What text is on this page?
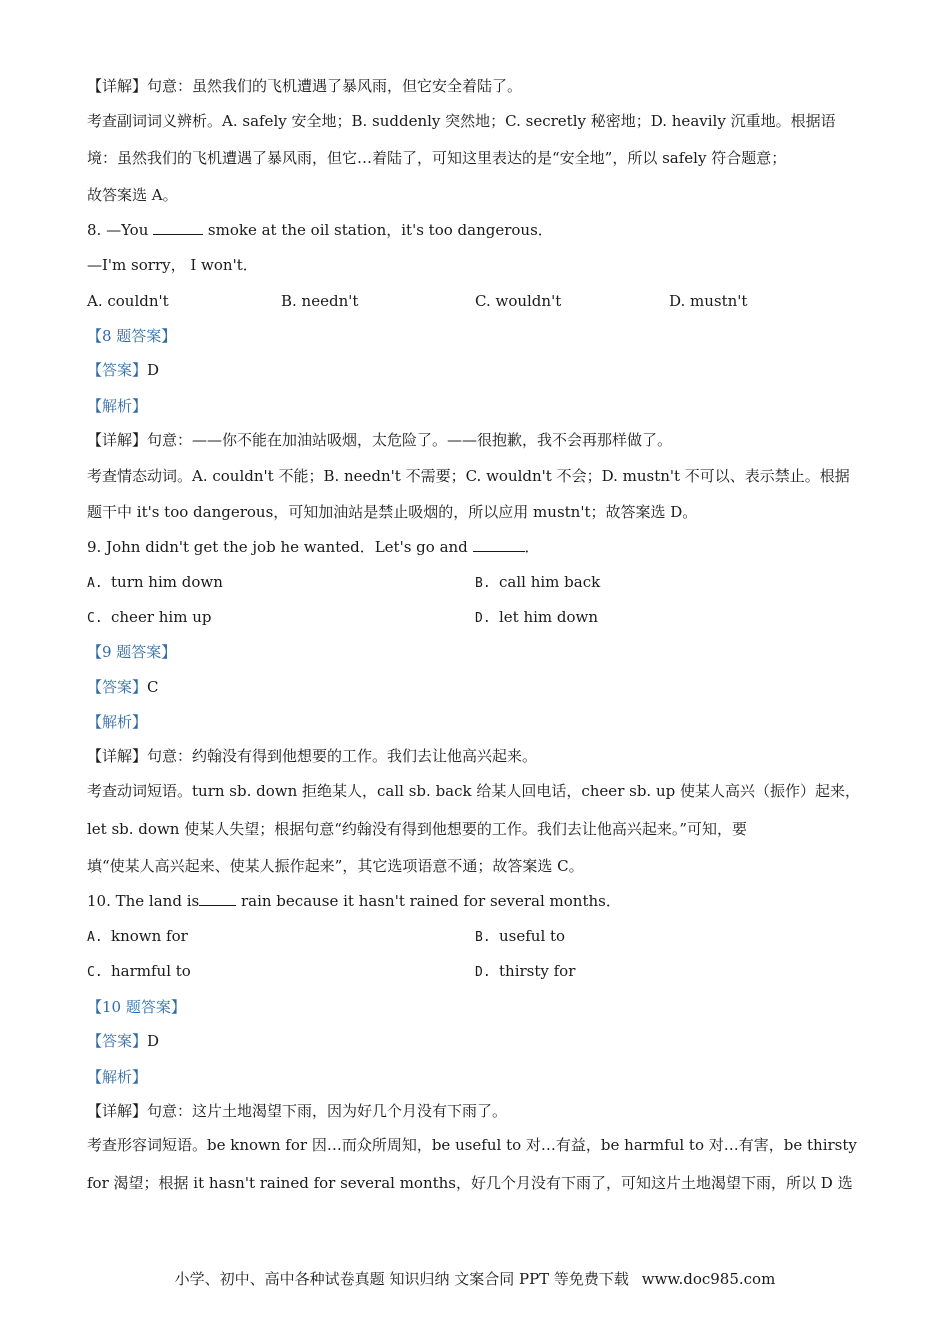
【详解】句意：虽然我们的飞机遭遇了暴风雨，但它安全着陆了。
考查副词词义辨析。A. safely 安全地；B. suddenly 突然地；C. secretly 秘密地；D. heavily 沉重地。根据语
境：虽然我们的飞机遭遇了暴风雨，但它…着陆了，可知这里表达的是“安全地”，所以 safely 符合题意；
故答案选 A。
8. —You	smoke at the oil station，it's too dangerous．
—I'm sorry， I won't．
A. couldn't	B. needn't	C. wouldn't	D. mustn't
【8 题答案】
【答案】D
【解析】
【详解】句意：——你不能在加油站吸烟，太危险了。——很抱歉，我不会再那样做了。
考查情态动词。A. couldn't 不能；B. needn't 不需要；C. wouldn't 不会；D. mustn't 不可以、表示禁止。根据
题干中 it's too dangerous，可知加油站是禁止吸烟的，所以应用 mustn't；故答案选 D。
9. John didn't get the job he wanted．Let's go and	．
A. turn him down	B. call him back
C. cheer him up	D. let him down
【9 题答案】
【答案】C
【解析】
【详解】句意：约翰没有得到他想要的工作。我们去让他高兴起来。
考查动词短语。turn sb. down 拒绝某人，call sb. back 给某人回电话，cheer sb. up 使某人高兴（振作）起来，
let sb. down 使某人失望；根据句意“约翰没有得到他想要的工作。我们去让他高兴起来。”可知，要
填“使某人高兴起来、使某人振作起来”，其它选项语意不通；故答案选 C。
10. The land is rain because it hasn't rained for several months．
A. known for	B. useful to
C. harmful to	D. thirsty for
【10 题答案】
【答案】D
【解析】
【详解】句意：这片土地渴望下雨，因为好几个月没有下雨了。
考查形容词短语。be known for 因…而众所周知，be useful to 对…有益，be harmful to 对…有害，be thirsty
for 渴望；根据 it hasn't rained for several months，好几个月没有下雨了，可知这片土地渴望下雨，所以 D 选
小学、初中、高中各种试卷真题 知识归纳 文案合同 PPT 等免费下载 www.doc985.com
